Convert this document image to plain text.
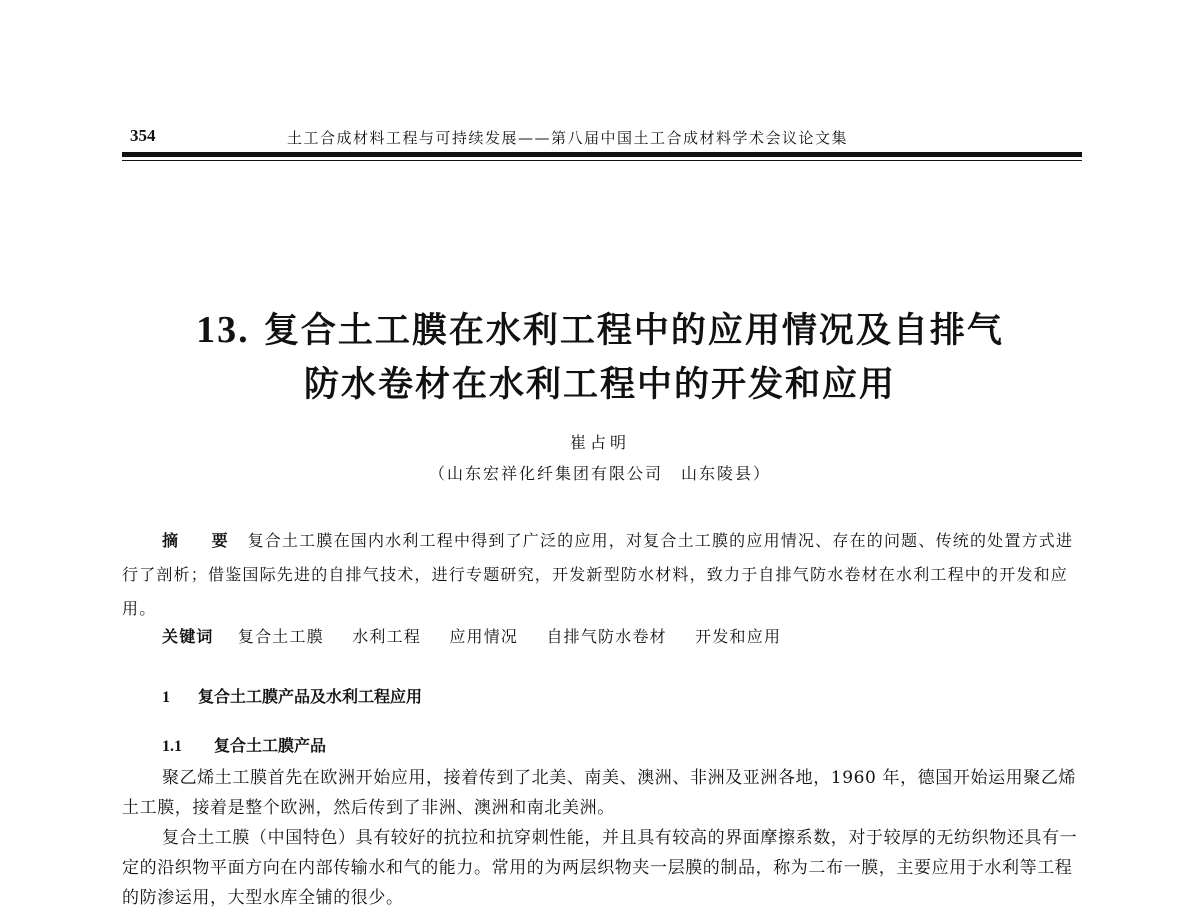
354	土工合成材料工程与可持续发展——第八届中国土工合成材料学术会议论文集
13. 复合土工膜在水利工程中的应用情况及自排气
防水卷材在水利工程中的开发和应用
崔占明
（山东宏祥化纤集团有限公司　山东陵县）

摘 要 复合土工膜在国内水利工程中得到了广泛的应用，对复合土工膜的应用情况、存在的问题、传统的处置方式进行了剖析；借鉴国际先进的自排气技术，进行专题研究，开发新型防水材料，致力于自排气防水卷材在水利工程中的开发和应用。

关键词 复合土工膜 水利工程 应用情况 自排气防水卷材 开发和应用
1 复合土工膜产品及水利工程应用
1.1 复合土工膜产品

聚乙烯土工膜首先在欧洲开始应用，接着传到了北美、南美、澳洲、非洲及亚洲各地，1960 年，德国开始运用聚乙烯土工膜，接着是整个欧洲，然后传到了非洲、澳洲和南北美洲。

复合土工膜（中国特色）具有较好的抗拉和抗穿刺性能，并且具有较高的界面摩擦系数，对于较厚的无纺织物还具有一定的沿织物平面方向在内部传输水和气的能力。常用的为两层织物夹一层膜的制品，称为二布一膜，主要应用于水利等工程的防渗运用，大型水库全铺的很少。
